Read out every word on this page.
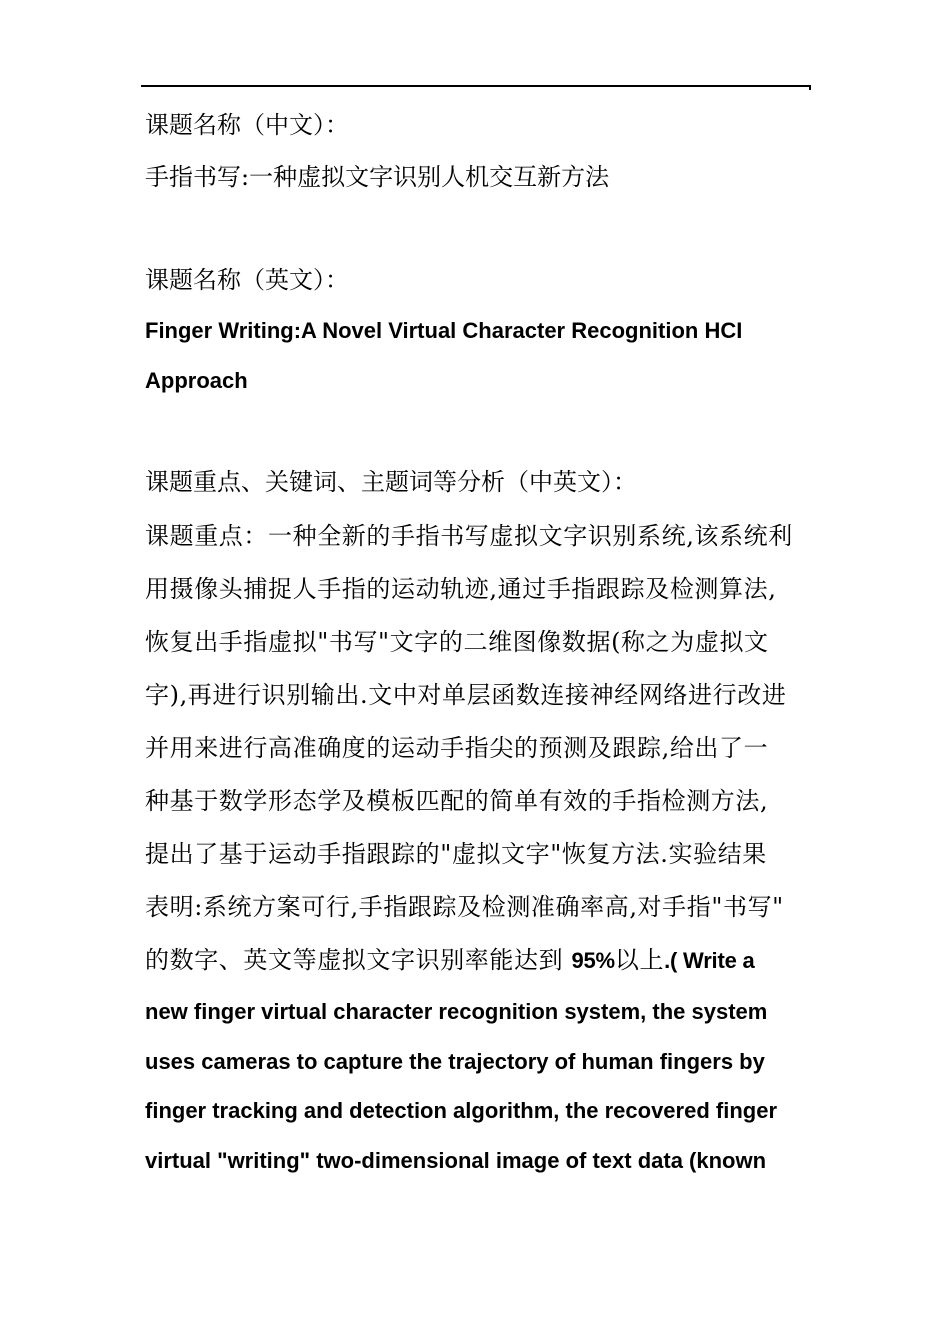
课题名称（中文）：
手指书写:一种虚拟文字识别人机交互新方法
课题名称（英文）：
Finger Writing:A Novel Virtual Character Recognition HCI
Approach
课题重点、关键词、主题词等分析（中英文）：
课题重点：一种全新的手指书写虚拟文字识别系统,该系统利
用摄像头捕捉人手指的运动轨迹,通过手指跟踪及检测算法,
恢复出手指虚拟"书写"文字的二维图像数据(称之为虚拟文
字),再进行识别输出.文中对单层函数连接神经网络进行改进
并用来进行高准确度的运动手指尖的预测及跟踪,给出了一
种基于数学形态学及模板匹配的简单有效的手指检测方法,
提出了基于运动手指跟踪的"虚拟文字"恢复方法.实验结果
表明:系统方案可行,手指跟踪及检测准确率高,对手指"书写"
的数字、英文等虚拟文字识别率能达到 95%以上.( Write a
new finger virtual character recognition system, the system
uses cameras to capture the trajectory of human fingers by
finger tracking and detection algorithm, the recovered finger
virtual "writing" two-dimensional image of text data (known
